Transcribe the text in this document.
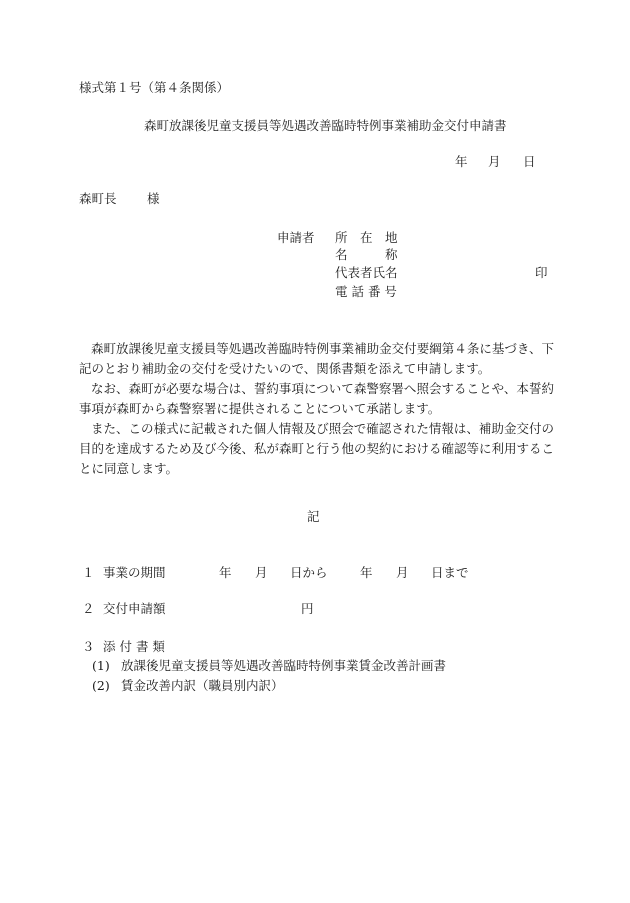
様式第１号（第４条関係）
森町放課後児童支援員等処遇改善臨時特例事業補助金交付申請書
年 月 日
森町長 様
申請者 所　在　地
名　　　称
代表者氏名	印
電 話 番 号

森町放課後児童支援員等処遇改善臨時特例事業補助金交付要綱第４条に基づき、下記のとおり補助金の交付を受けたいので、関係書類を添えて申請します。

なお、森町が必要な場合は、誓約事項について森警察署へ照会することや、本誓約事項が森町から森警察署に提供されることについて承諾します。

また、この様式に記載された個人情報及び照会で確認された情報は、補助金交付の目的を達成するため及び今後、私が森町と行う他の契約における確認等に利用することに同意します。

記
１ 事業の期間	年 月 日から	年 月 日まで
２ 交付申請額	円
３ 添 付 書 類
(1) 放課後児童支援員等処遇改善臨時特例事業賃金改善計画書
(2) 賃金改善内訳（職員別内訳）
